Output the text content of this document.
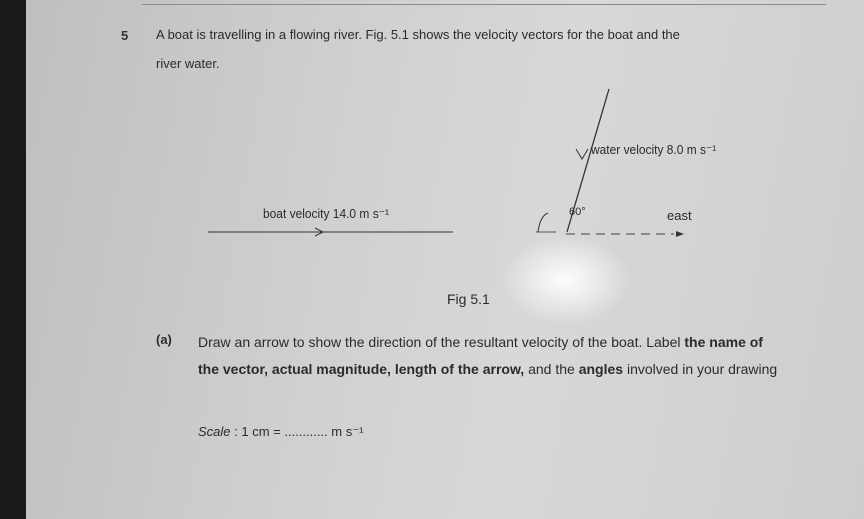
5 A boat is travelling in a flowing river. Fig. 5.1 shows the velocity vectors for the boat and the
river water.
boat velocity 14.0 m s⁻¹
water velocity 8.0 m s⁻¹
60°	east
Fig 5.1
(a) Draw an arrow to show the direction of the resultant velocity of the boat. Label the name of the vector, actual magnitude, length of the arrow, and the angles involved in your drawing
Scale : 1 cm = ............ m s⁻¹
